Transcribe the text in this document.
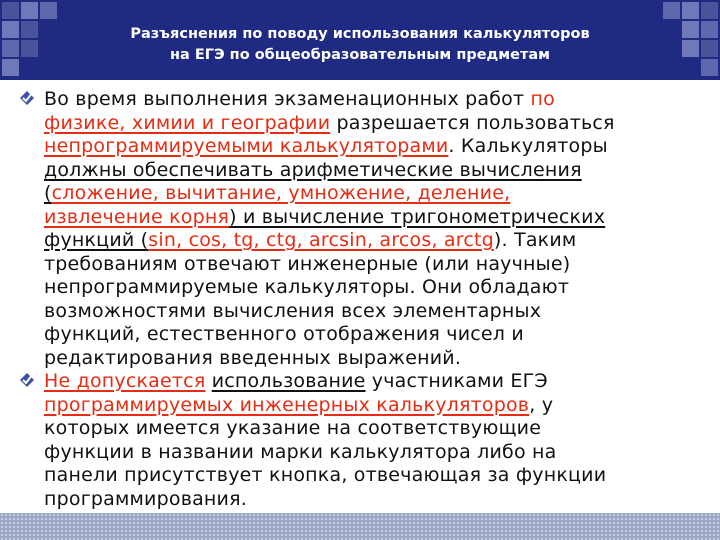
Разъяснения по поводу использования калькуляторов
на ЕГЭ по общеобразовательным предметам
Во время выполнения экзаменационных работ по
физике, химии и географии разрешается пользоваться
непрограммируемыми калькуляторами. Калькуляторы
должны обеспечивать арифметические вычисления
(сложение, вычитание, умножение, деление,
извлечение корня) и вычисление тригонометрических
функций (sin, cos, tg, ctg, arcsin, arcos, arctg). Таким
требованиям отвечают инженерные (или научные)
непрограммируемые калькуляторы. Они обладают
возможностями вычисления всех элементарных
функций, естественного отображения чисел и
редактирования введенных выражений.
Не допускается использование участниками ЕГЭ
программируемых инженерных калькуляторов, у
которых имеется указание на соответствующие
функции в названии марки калькулятора либо на
панели присутствует кнопка, отвечающая за функции
программирования.
